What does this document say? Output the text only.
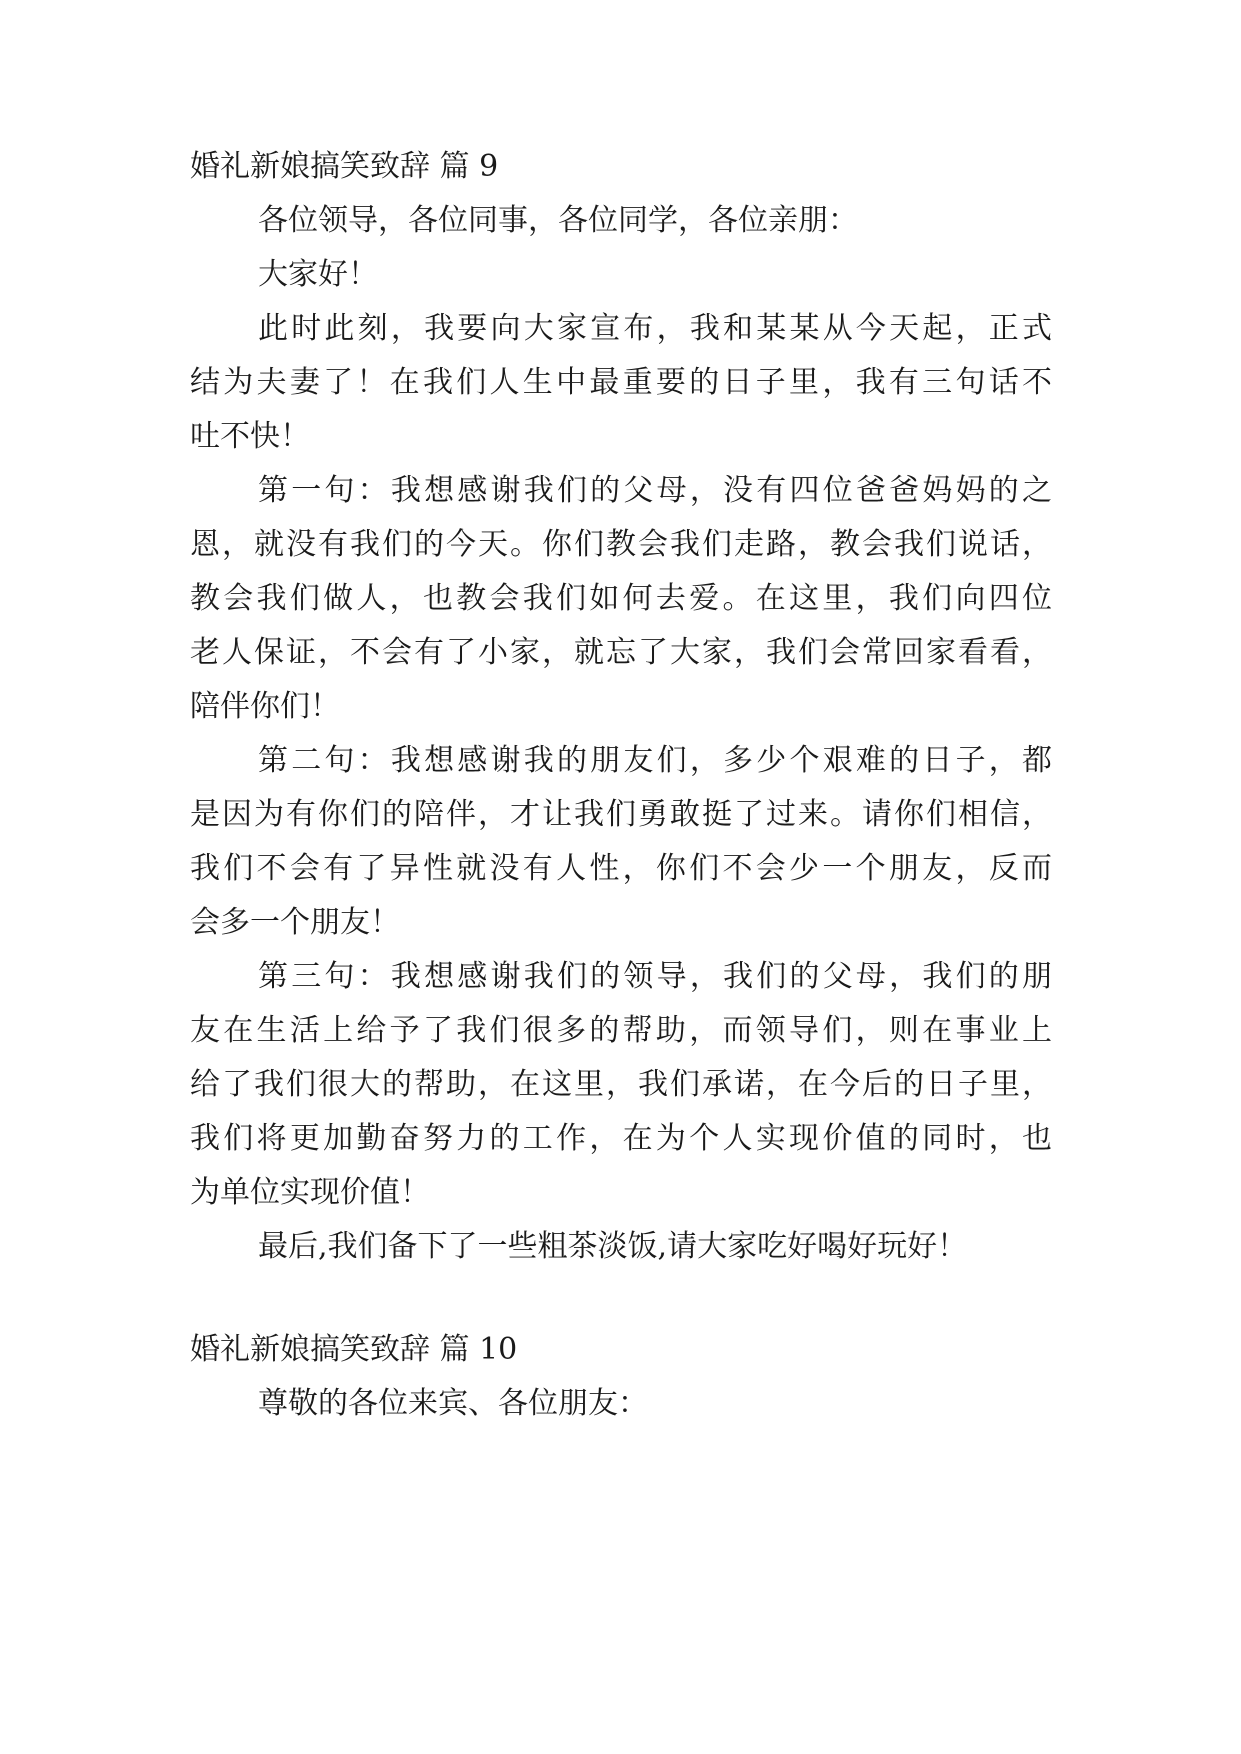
婚礼新娘搞笑致辞 篇 9

各位领导，各位同事，各位同学，各位亲朋：

大家好！

此时此刻，我要向大家宣布，我和某某从今天起，正式

结为夫妻了！在我们人生中最重要的日子里，我有三句话不

吐不快！

第一句：我想感谢我们的父母，没有四位爸爸妈妈的之

恩，就没有我们的今天。你们教会我们走路，教会我们说话，

教会我们做人，也教会我们如何去爱。在这里，我们向四位

老人保证，不会有了小家，就忘了大家，我们会常回家看看，

陪伴你们！

第二句：我想感谢我的朋友们，多少个艰难的日子，都

是因为有你们的陪伴，才让我们勇敢挺了过来。请你们相信，

我们不会有了异性就没有人性，你们不会少一个朋友，反而

会多一个朋友！

第三句：我想感谢我们的领导，我们的父母，我们的朋

友在生活上给予了我们很多的帮助，而领导们，则在事业上

给了我们很大的帮助，在这里，我们承诺，在今后的日子里，

我们将更加勤奋努力的工作，在为个人实现价值的同时，也

为单位实现价值！

最后,我们备下了一些粗茶淡饭,请大家吃好喝好玩好！

婚礼新娘搞笑致辞 篇 10

尊敬的各位来宾、各位朋友：
